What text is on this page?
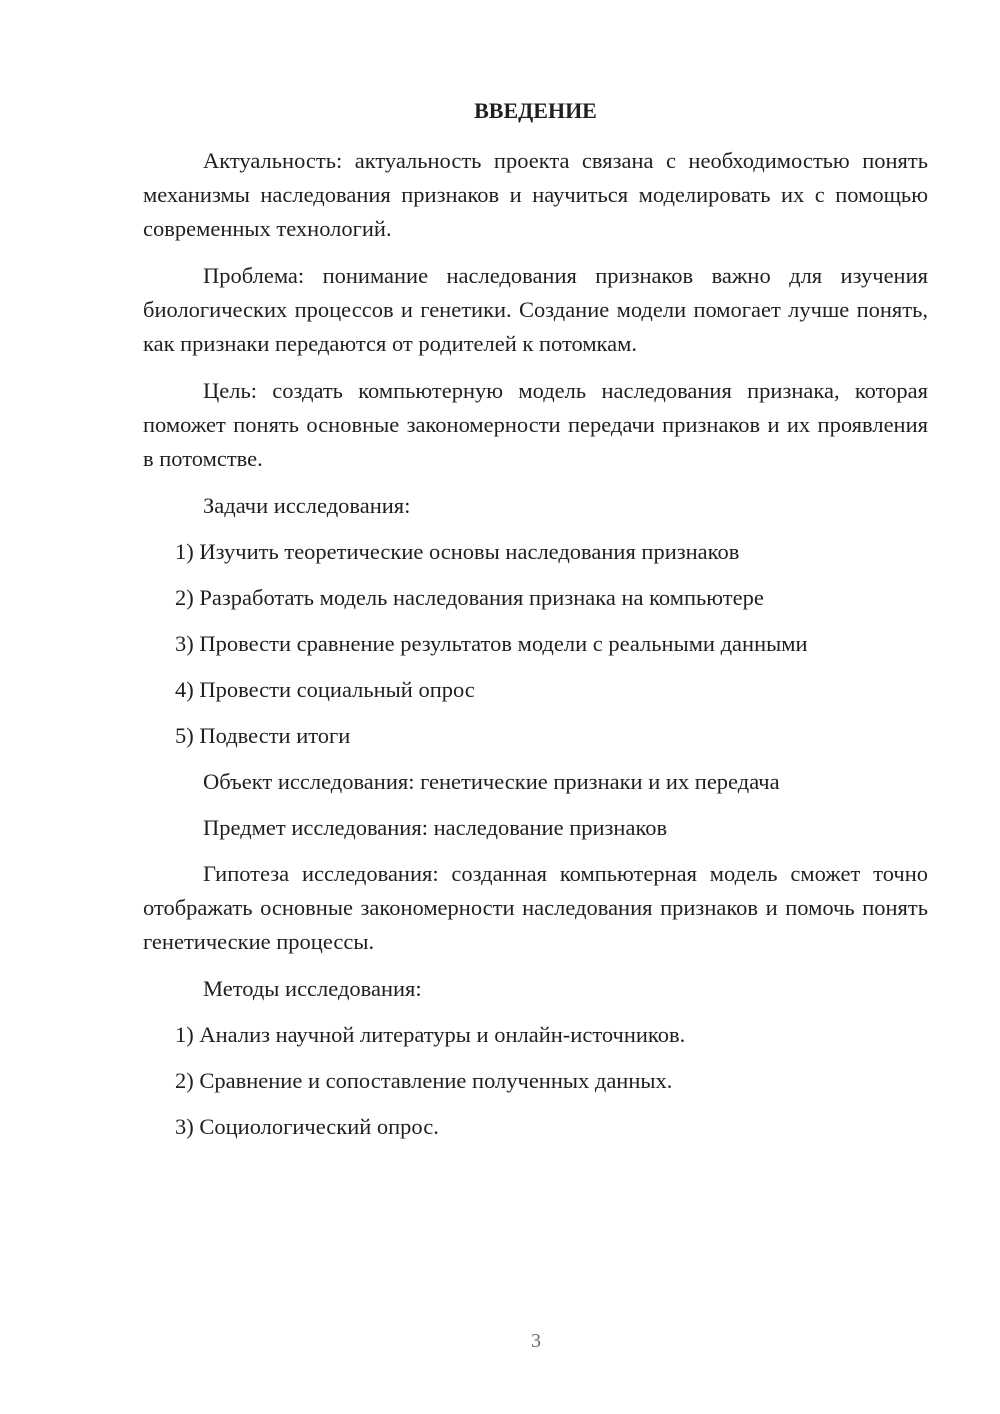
ВВЕДЕНИЕ

Актуальность: актуальность проекта связана с необходимостью понять механизмы наследования признаков и научиться моделировать их с помощью современных технологий.

Проблема: понимание наследования признаков важно для изучения биологических процессов и генетики. Создание модели помогает лучше понять, как признаки передаются от родителей к потомкам.

Цель: создать компьютерную модель наследования признака, которая поможет понять основные закономерности передачи признаков и их проявления в потомстве.

Задачи исследования:

1) Изучить теоретические основы наследования признаков
2) Разработать модель наследования признака на компьютере
3) Провести сравнение результатов модели с реальными данными
4) Провести социальный опрос
5) Подвести итоги

Объект исследования: генетические признаки и их передача

Предмет исследования: наследование признаков

Гипотеза исследования: созданная компьютерная модель сможет точно отображать основные закономерности наследования признаков и помочь понять генетические процессы.

Методы исследования:

1) Анализ научной литературы и онлайн-источников.
2) Сравнение и сопоставление полученных данных.
3) Социологический опрос.
3
